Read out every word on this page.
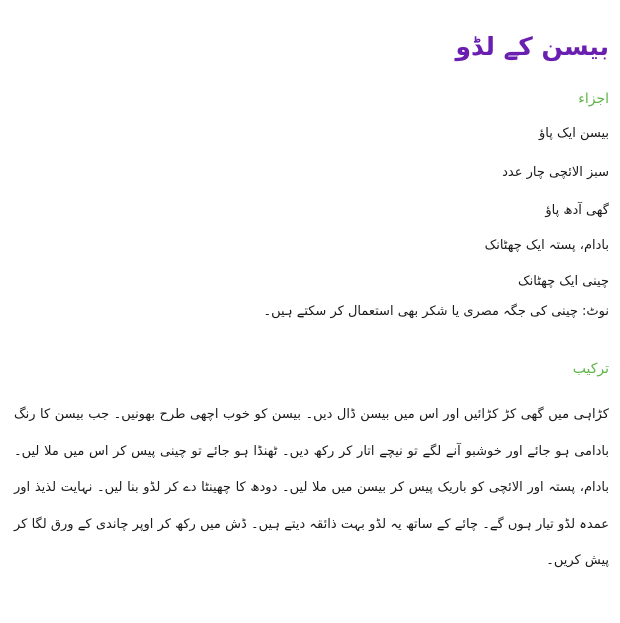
بیسن کے لڈو
اجزاء
بیسن ایک پاؤ
سبز الائچی چار عدد
گھی آدھ پاؤ
بادام، پستہ ایک چھٹانک
چینی ایک چھٹانک

نوٹ: چینی کی جگہ مصری یا شکر بھی استعمال کر سکتے ہیں۔

ترکیب

کڑاہی میں گھی کڑ کڑائیں اور اس میں بیسن ڈال دیں۔ بیسن کو خوب اچھی طرح بھونیں۔ جب بیسن کا رنگ بادامی ہو جائے اور خوشبو آنے لگے تو نیچے اتار کر رکھ دیں۔ ٹھنڈا ہو جائے تو چینی پیس کر اس میں ملا لیں۔ بادام، پستہ اور الائچی کو باریک پیس کر بیسن میں ملا لیں۔ دودھ کا چھینٹا دے کر لڈو بنا لیں۔ نہایت لذیذ اور عمدہ لڈو تیار ہوں گے۔ چائے کے ساتھ یہ لڈو بہت ذائقہ دیتے ہیں۔ ڈش میں رکھ کر اوپر چاندی کے ورق لگا کر پیش کریں۔
